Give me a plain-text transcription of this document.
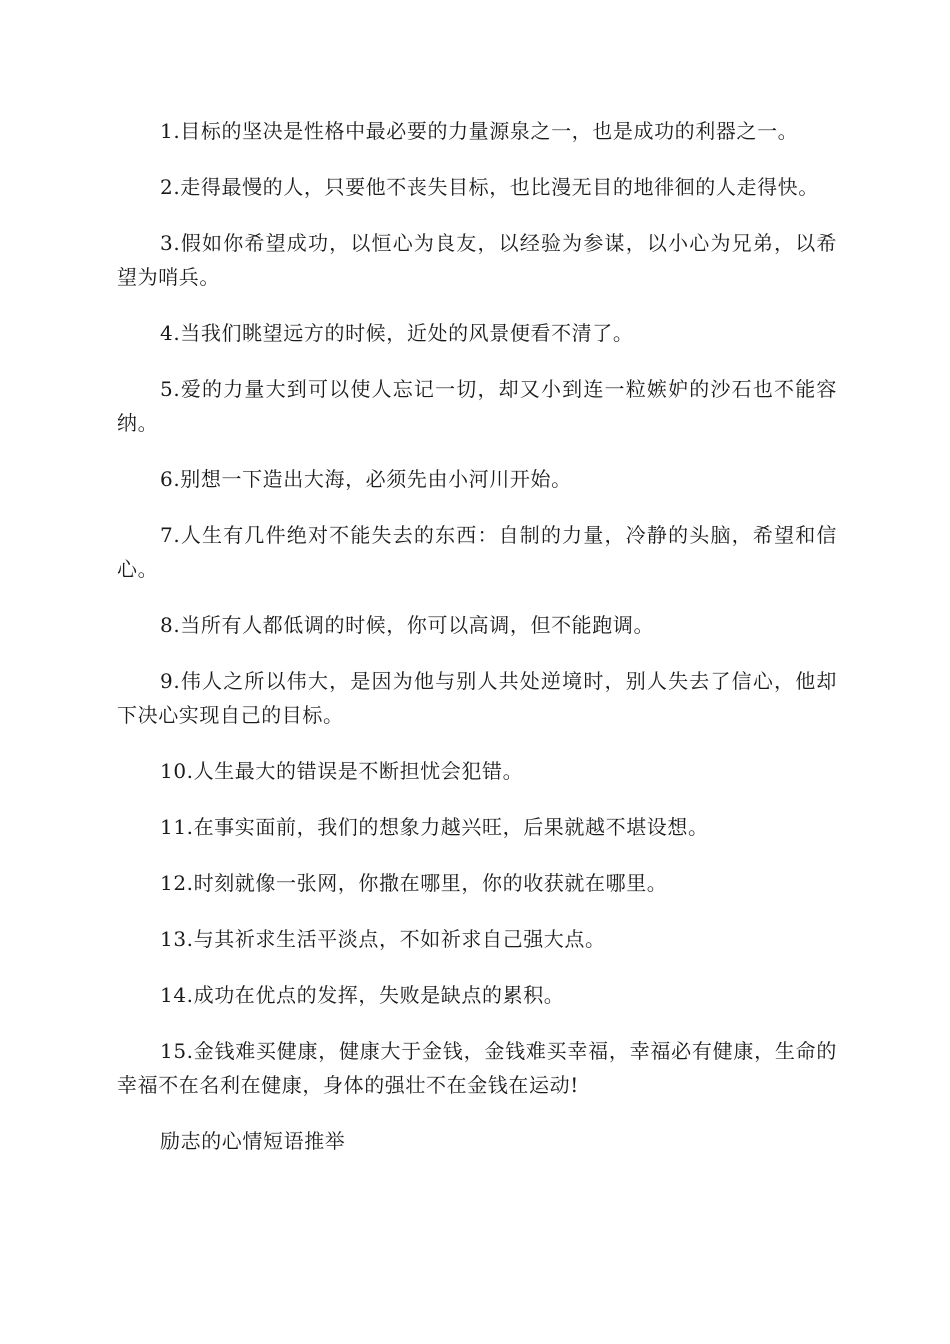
1.目标的坚决是性格中最必要的力量源泉之一，也是成功的利器之一。

2.走得最慢的人，只要他不丧失目标，也比漫无目的地徘徊的人走得快。

3.假如你希望成功，以恒心为良友，以经验为参谋，以小心为兄弟，以希望为哨兵。

4.当我们眺望远方的时候，近处的风景便看不清了。

5.爱的力量大到可以使人忘记一切，却又小到连一粒嫉妒的沙石也不能容纳。

6.别想一下造出大海，必须先由小河川开始。

7.人生有几件绝对不能失去的东西：自制的力量，冷静的头脑，希望和信心。

8.当所有人都低调的时候，你可以高调，但不能跑调。

9.伟人之所以伟大，是因为他与别人共处逆境时，别人失去了信心，他却下决心实现自己的目标。

10.人生最大的错误是不断担忧会犯错。

11.在事实面前，我们的想象力越兴旺，后果就越不堪设想。

12.时刻就像一张网，你撒在哪里，你的收获就在哪里。

13.与其祈求生活平淡点，不如祈求自己强大点。

14.成功在优点的发挥，失败是缺点的累积。

15.金钱难买健康，健康大于金钱，金钱难买幸福，幸福必有健康，生命的幸福不在名利在健康，身体的强壮不在金钱在运动!

励志的心情短语推举
